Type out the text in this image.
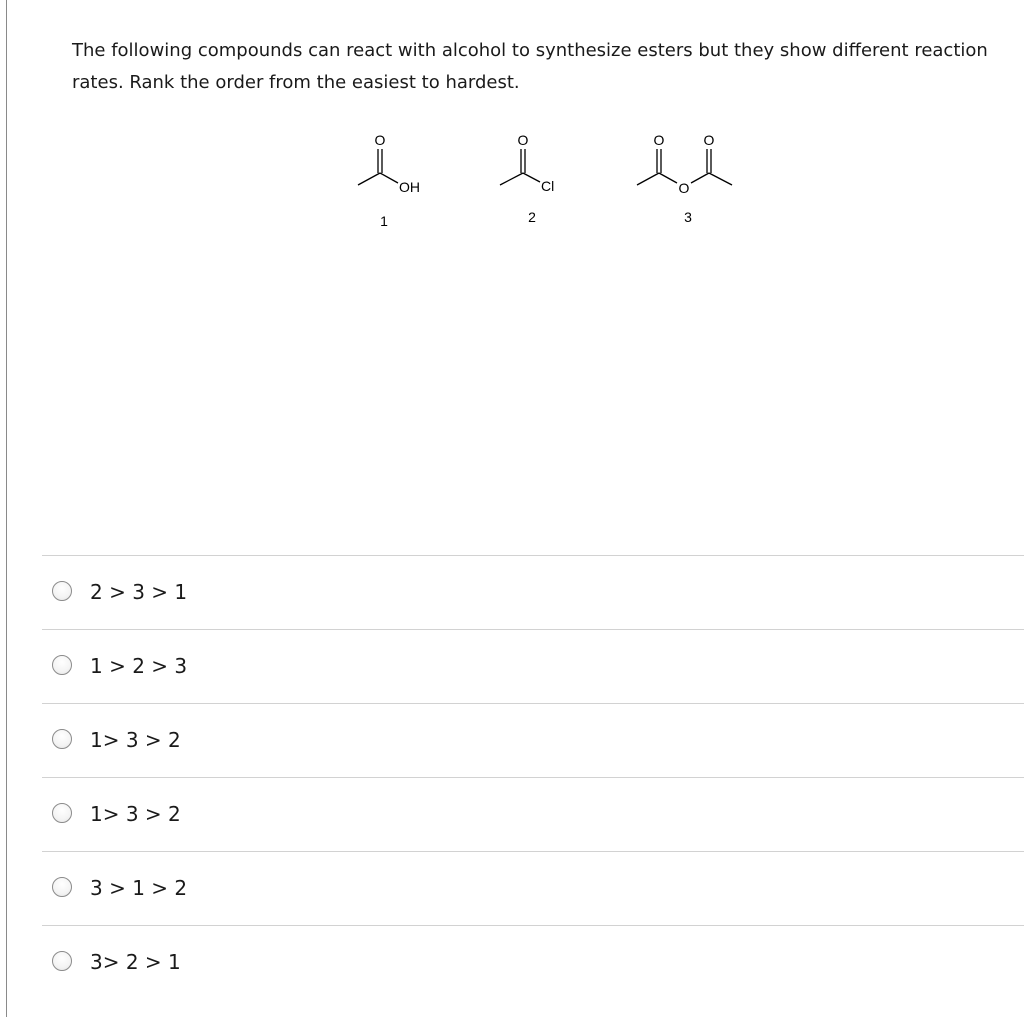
The following compounds can react with alcohol to synthesize esters but they show different reaction
rates. Rank the order from the easiest to hardest.
O
OH
1
O
Cl
2
O	O
O
3
2 > 3 > 1
1 > 2 > 3
1> 3 > 2
1> 3 > 2
3 > 1 > 2
3> 2 > 1
